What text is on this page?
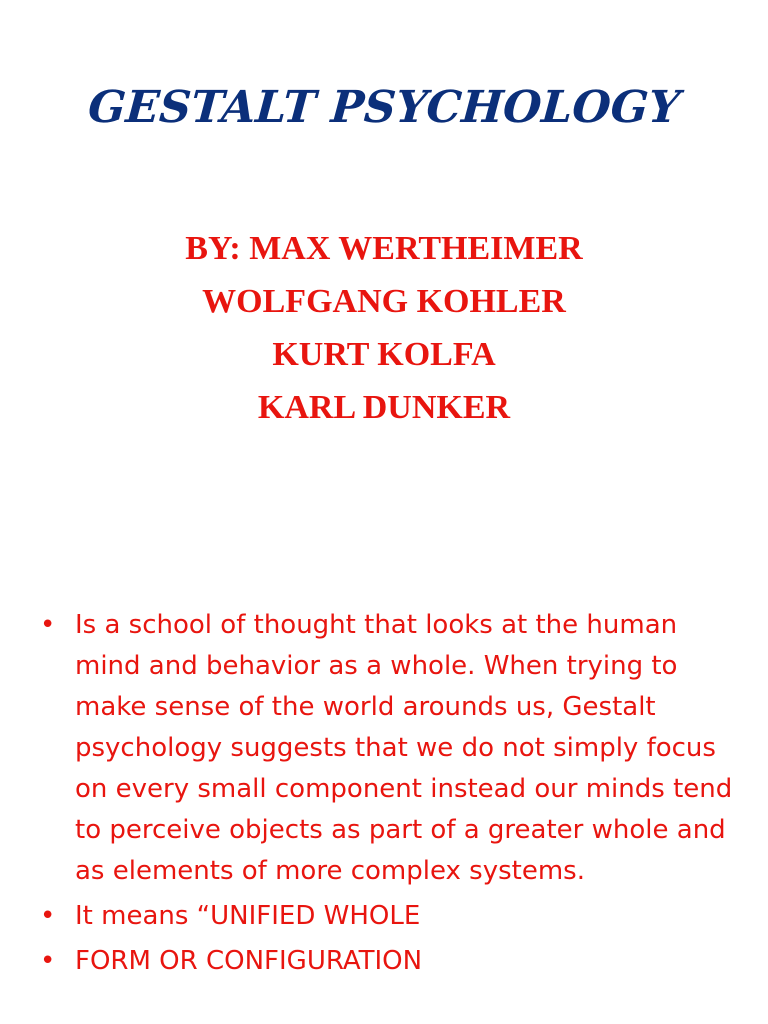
GESTALT PSYCHOLOGY
BY: MAX WERTHEIMER
WOLFGANG KOHLER
KURT KOLFA
KARL DUNKER
• Is a school of thought that looks at the human mind and behavior as a whole. When trying to make sense of the world arounds us, Gestalt psychology suggests that we do not simply focus on every small component instead our minds tend to perceive objects as part of a greater whole and as elements of more complex systems.
• It means “UNIFIED WHOLE
• FORM OR CONFIGURATION
